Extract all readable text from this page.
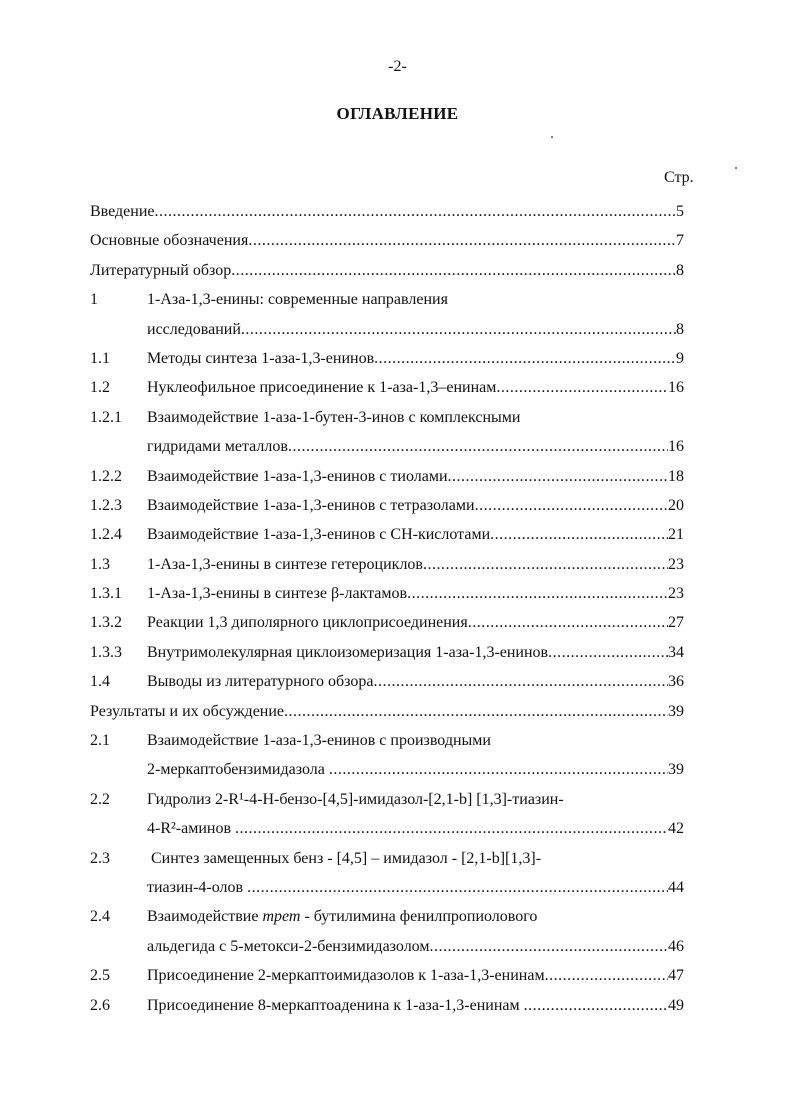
-2-
ОГЛАВЛЕНИЕ
Стр.
Введение .....	5
Основные обозначения .....	7
Литературный обзор .....	8
1	1-Аза-1,3-енины: современные направления
исследований .....	8
1.1	Методы синтеза 1-аза-1,3-енинов .....	9
1.2	Нуклеофильное присоединение к 1-аза-1,3–енинам .....	16
1.2.1	Взаимодействие 1-аза-1-бутен-3-инов с комплексными
гидридами металлов .....	16
1.2.2	Взаимодействие 1-аза-1,3-енинов с тиолами .....	18
1.2.3	Взаимодействие 1-аза-1,3-енинов с тетразолами .....	20
1.2.4	Взаимодействие 1-аза-1,3-енинов с СН-кислотами .....	21
1.3	1-Аза-1,3-енины в синтезе гетероциклов .....	23
1.3.1	1-Аза-1,3-енины в синтезе β-лактамов .....	23
1.3.2	Реакции 1,3 диполярного циклоприсоединения .....	27
1.3.3	Внутримолекулярная циклоизомеризация 1-аза-1,3-енинов .....	34
1.4	Выводы из литературного обзора .....	36
Результаты и их обсуждение .....	39
2.1	Взаимодействие 1-аза-1,3-енинов с производными
2-меркаптобензимидазола .....	39
2.2	Гидролиз 2-R¹-4-H-бензо-[4,5]-имидазол-[2,1-b] [1,3]-тиазин-
4-R²-аминов .....	42
2.3	Синтез замещенных бенз - [4,5] – имидазол - [2,1-b][1,3]-
тиазин-4-олов .....	44
2.4	Взаимодействие трет - бутилимина фенилпропиолового
альдегида с 5-метокси-2-бензимидазолом .....	46
2.5	Присоединение 2-меркаптоимидазолов к 1-аза-1,3-енинам .....	47
2.6	Присоединение 8-меркаптоаденина к 1-аза-1,3-енинам .....	49
